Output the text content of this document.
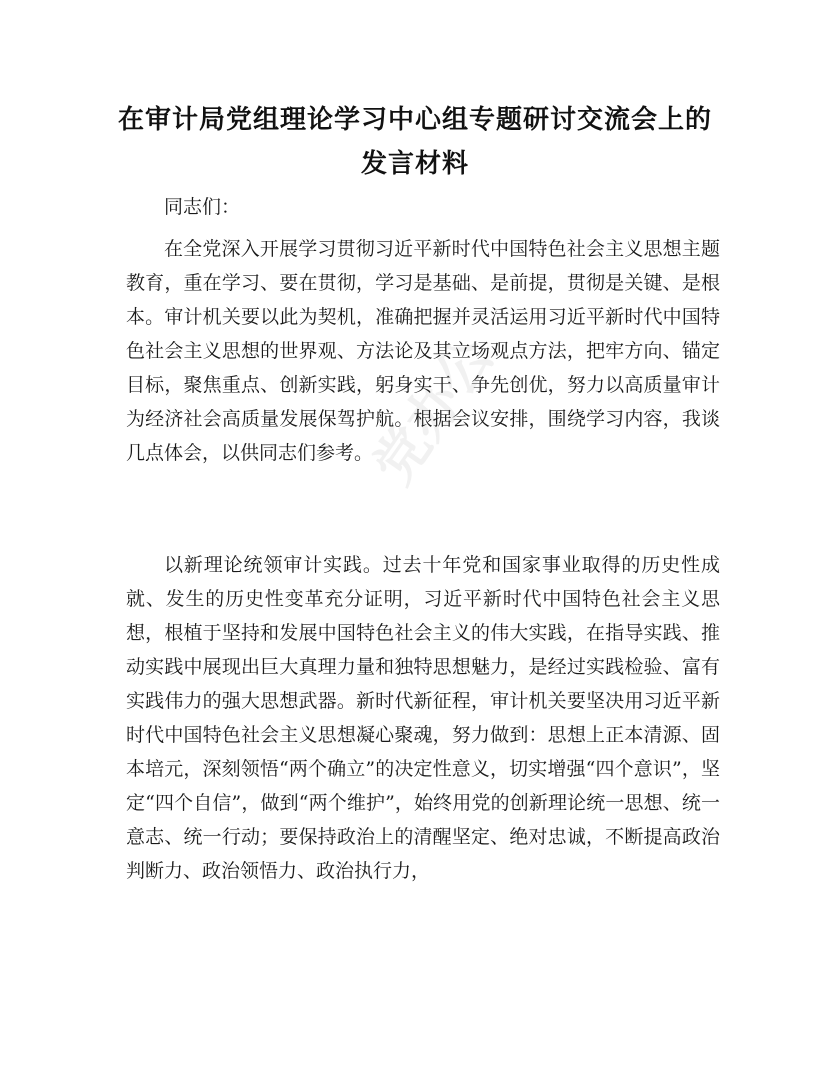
在审计局党组理论学习中心组专题研讨交流会上的发言材料

同志们：

在全党深入开展学习贯彻习近平新时代中国特色社会主义思想主题教育，重在学习、要在贯彻，学习是基础、是前提，贯彻是关键、是根本。审计机关要以此为契机，准确把握并灵活运用习近平新时代中国特色社会主义思想的世界观、方法论及其立场观点方法，把牢方向、锚定目标，聚焦重点、创新实践，躬身实干、争先创优，努力以高质量审计为经济社会高质量发展保驾护航。根据会议安排，围绕学习内容，我谈几点体会，以供同志们参考。

以新理论统领审计实践。过去十年党和国家事业取得的历史性成就、发生的历史性变革充分证明，习近平新时代中国特色社会主义思想，根植于坚持和发展中国特色社会主义的伟大实践，在指导实践、推动实践中展现出巨大真理力量和独特思想魅力，是经过实践检验、富有实践伟力的强大思想武器。新时代新征程，审计机关要坚决用习近平新时代中国特色社会主义思想凝心聚魂，努力做到：思想上正本清源、固本培元，深刻领悟“两个确立”的决定性意义，切实增强“四个意识”，坚定“四个自信”，做到“两个维护”，始终用党的创新理论统一思想、统一意志、统一行动；要保持政治上的清醒坚定、绝对忠诚，不断提高政治判断力、政治领悟力、政治执行力，

党办公
